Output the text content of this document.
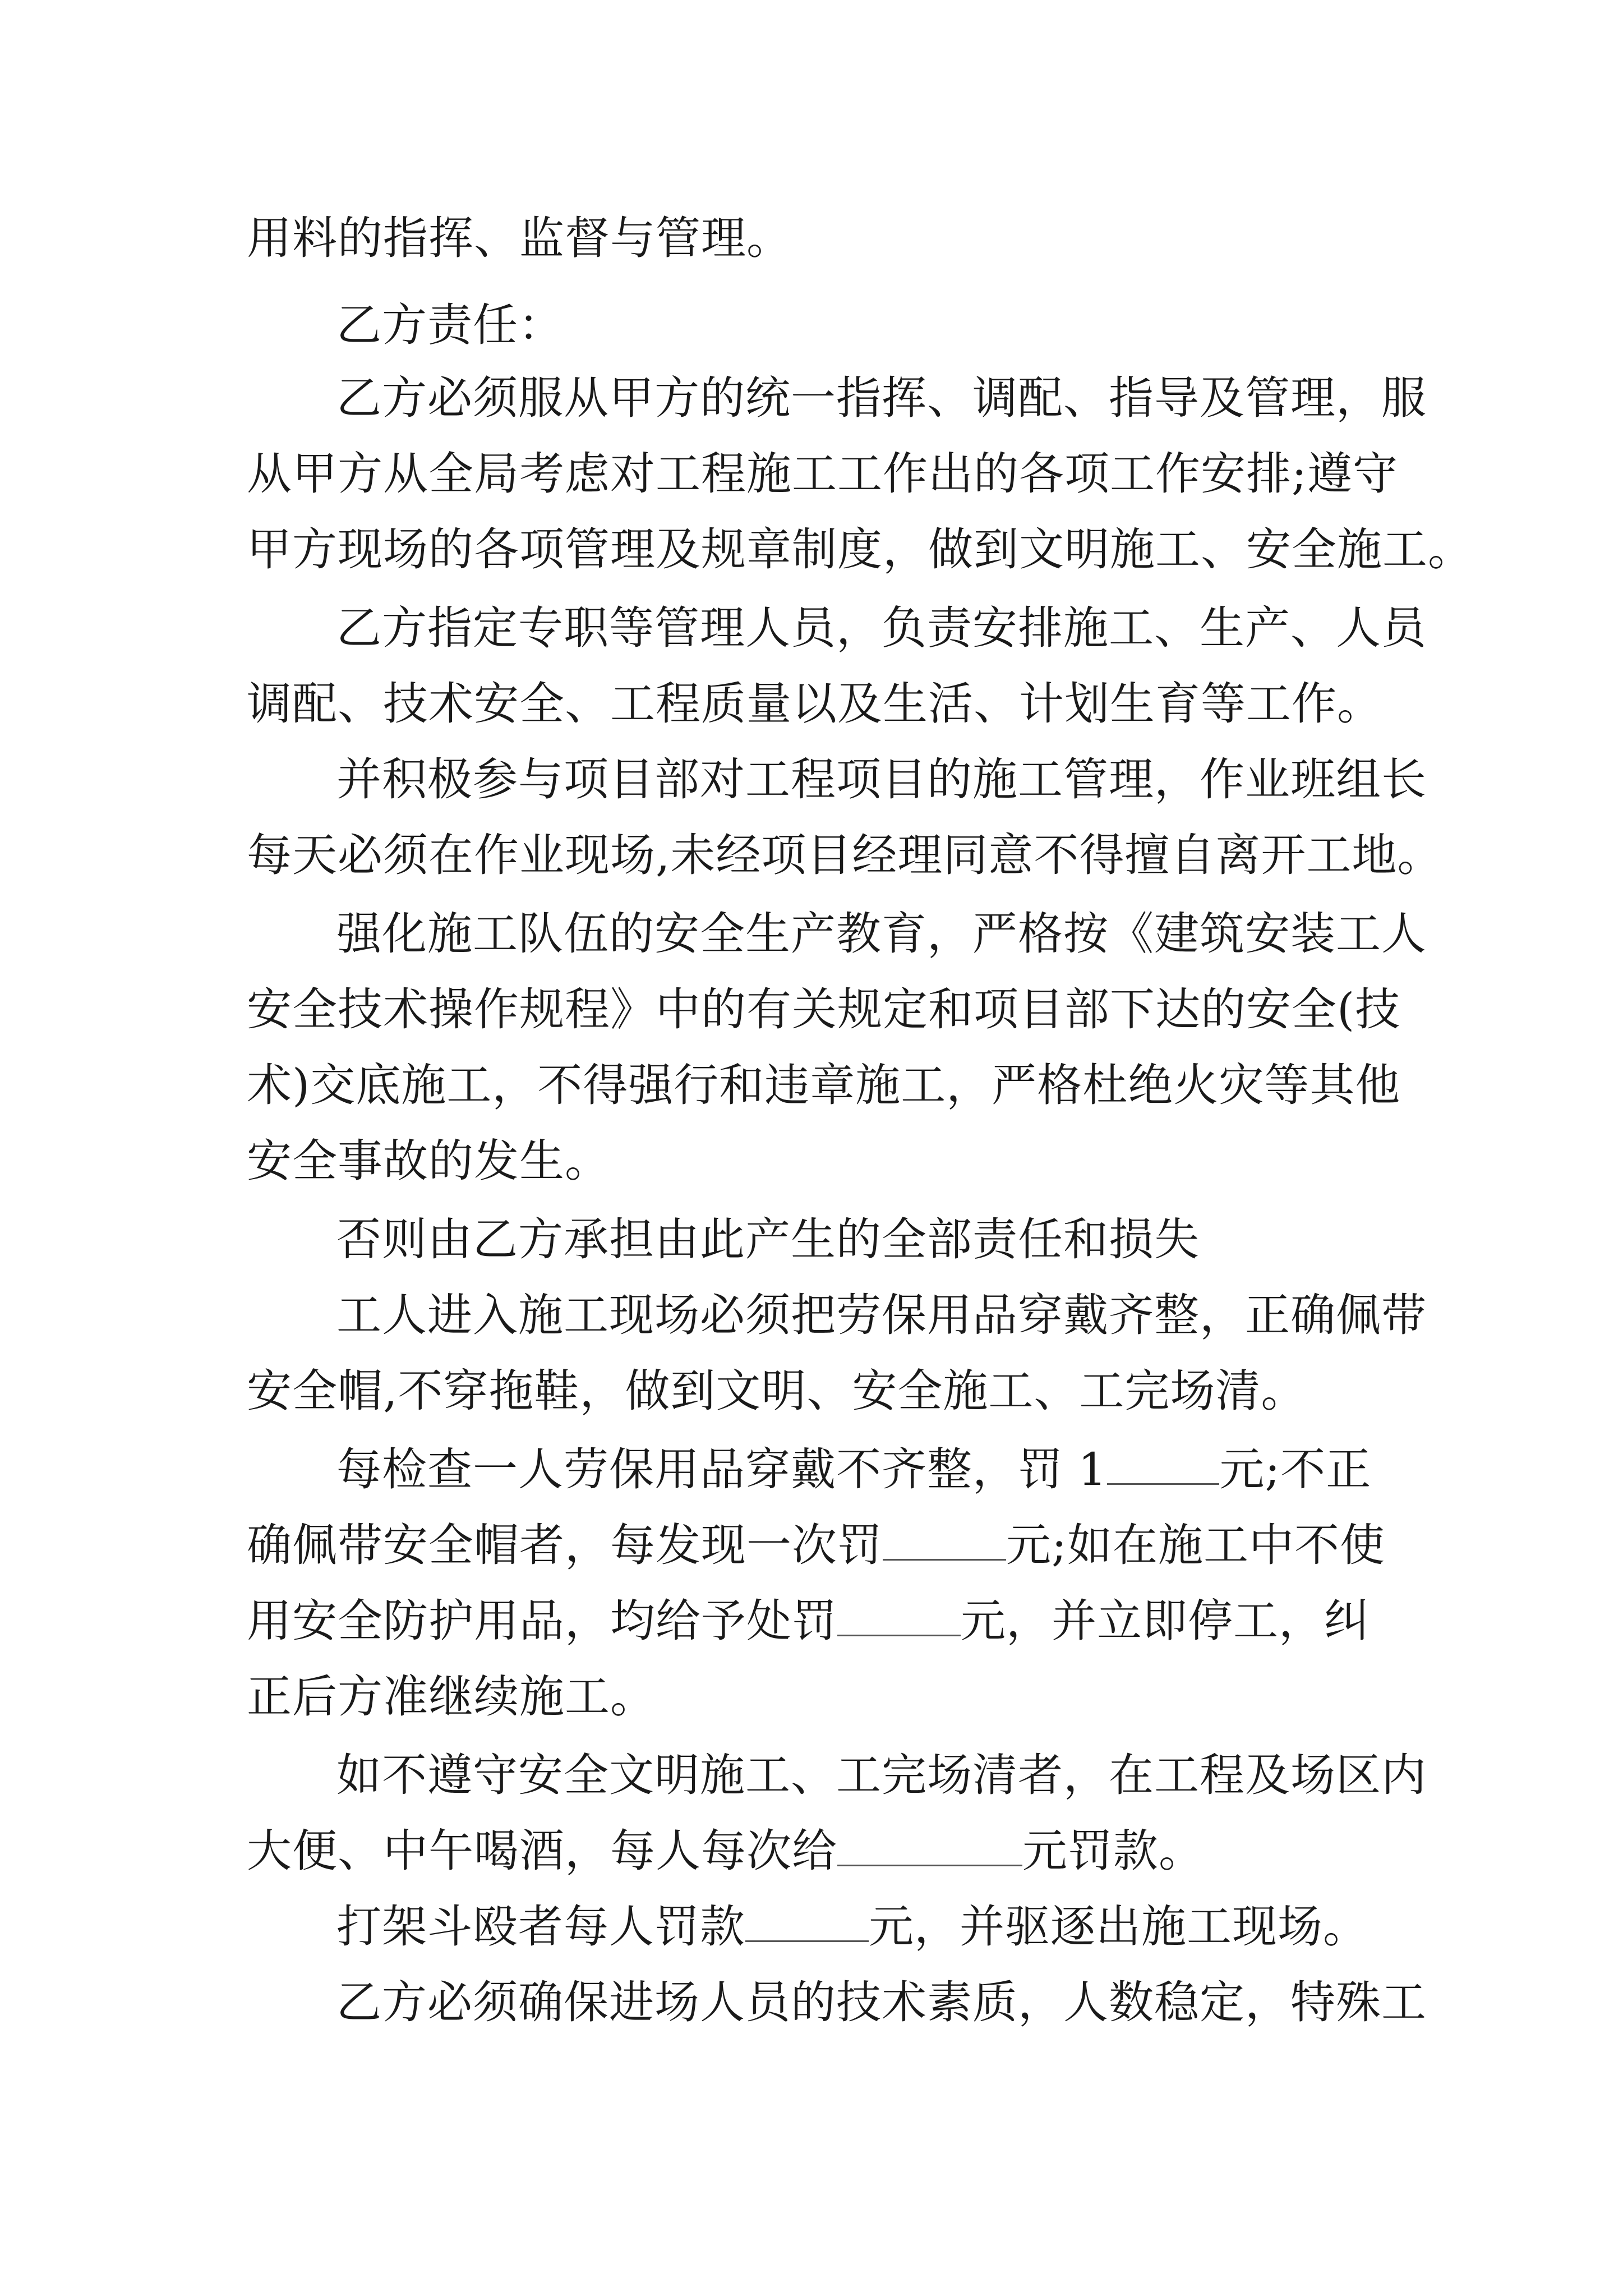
用料的指挥、监督与管理。
乙方责任：
乙方必须服从甲方的统一指挥、调配、指导及管理，服
从甲方从全局考虑对工程施工工作出的各项工作安排;遵守
甲方现场的各项管理及规章制度，做到文明施工、安全施工。
乙方指定专职等管理人员，负责安排施工、生产、人员
调配、技术安全、工程质量以及生活、计划生育等工作。
并积极参与项目部对工程项目的施工管理，作业班组长
每天必须在作业现场,未经项目经理同意不得擅自离开工地。
强化施工队伍的安全生产教育，严格按《建筑安装工人
安全技术操作规程》中的有关规定和项目部下达的安全(技
术)交底施工，不得强行和违章施工，严格杜绝火灾等其他
安全事故的发生。
否则由乙方承担由此产生的全部责任和损失
工人进入施工现场必须把劳保用品穿戴齐整，正确佩带
安全帽,不穿拖鞋，做到文明、安全施工、工完场清。
每检查一人劳保用品穿戴不齐整，罚 1	元;不正
确佩带安全帽者，每发现一次罚	元;如在施工中不使
用安全防护用品，均给予处罚	元，并立即停工，纠
正后方准继续施工。
如不遵守安全文明施工、工完场清者，在工程及场区内
大便、中午喝酒，每人每次给	元罚款。
打架斗殴者每人罚款	元，并驱逐出施工现场。
乙方必须确保进场人员的技术素质，人数稳定，特殊工
